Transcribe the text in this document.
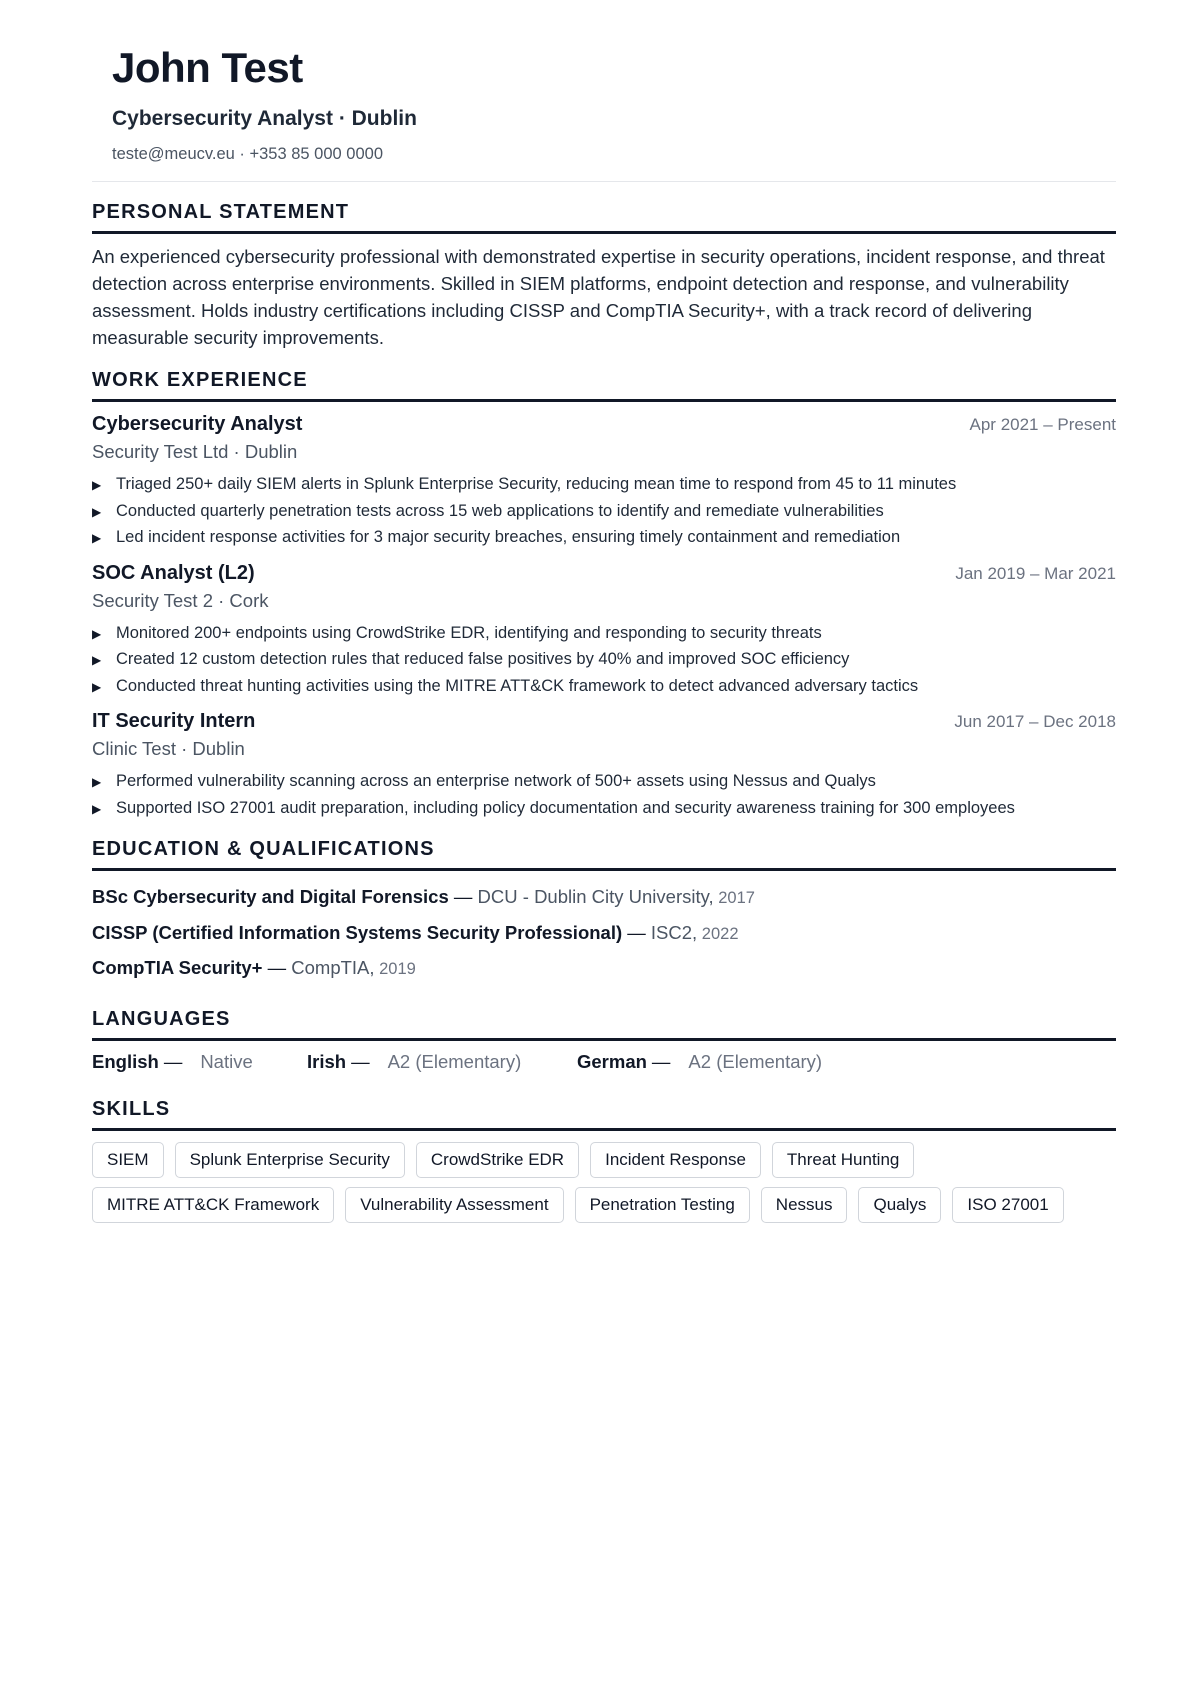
John Test
Cybersecurity Analyst · Dublin
teste@meucv.eu · +353 85 000 0000
PERSONAL STATEMENT
An experienced cybersecurity professional with demonstrated expertise in security operations, incident response, and threat detection across enterprise environments. Skilled in SIEM platforms, endpoint detection and response, and vulnerability assessment. Holds industry certifications including CISSP and CompTIA Security+, with a track record of delivering measurable security improvements.
WORK EXPERIENCE
Cybersecurity Analyst	Apr 2021 – Present
Security Test Ltd · Dublin
▶ Triaged 250+ daily SIEM alerts in Splunk Enterprise Security, reducing mean time to respond from 45 to 11 minutes
▶ Conducted quarterly penetration tests across 15 web applications to identify and remediate vulnerabilities
▶ Led incident response activities for 3 major security breaches, ensuring timely containment and remediation
SOC Analyst (L2)	Jan 2019 – Mar 2021
Security Test 2 · Cork
▶ Monitored 200+ endpoints using CrowdStrike EDR, identifying and responding to security threats
▶ Created 12 custom detection rules that reduced false positives by 40% and improved SOC efficiency
▶ Conducted threat hunting activities using the MITRE ATT&CK framework to detect advanced adversary tactics
IT Security Intern	Jun 2017 – Dec 2018
Clinic Test · Dublin
▶ Performed vulnerability scanning across an enterprise network of 500+ assets using Nessus and Qualys
▶ Supported ISO 27001 audit preparation, including policy documentation and security awareness training for 300 employees
EDUCATION & QUALIFICATIONS
BSc Cybersecurity and Digital Forensics — DCU - Dublin City University, 2017
CISSP (Certified Information Systems Security Professional) — ISC2, 2022
CompTIA Security+ — CompTIA, 2019
LANGUAGES
English — Native	Irish — A2 (Elementary)	German — A2 (Elementary)
SKILLS
SIEM	Splunk Enterprise Security	CrowdStrike EDR	Incident Response	Threat Hunting
MITRE ATT&CK Framework	Vulnerability Assessment	Penetration Testing	Nessus	Qualys	ISO 27001
